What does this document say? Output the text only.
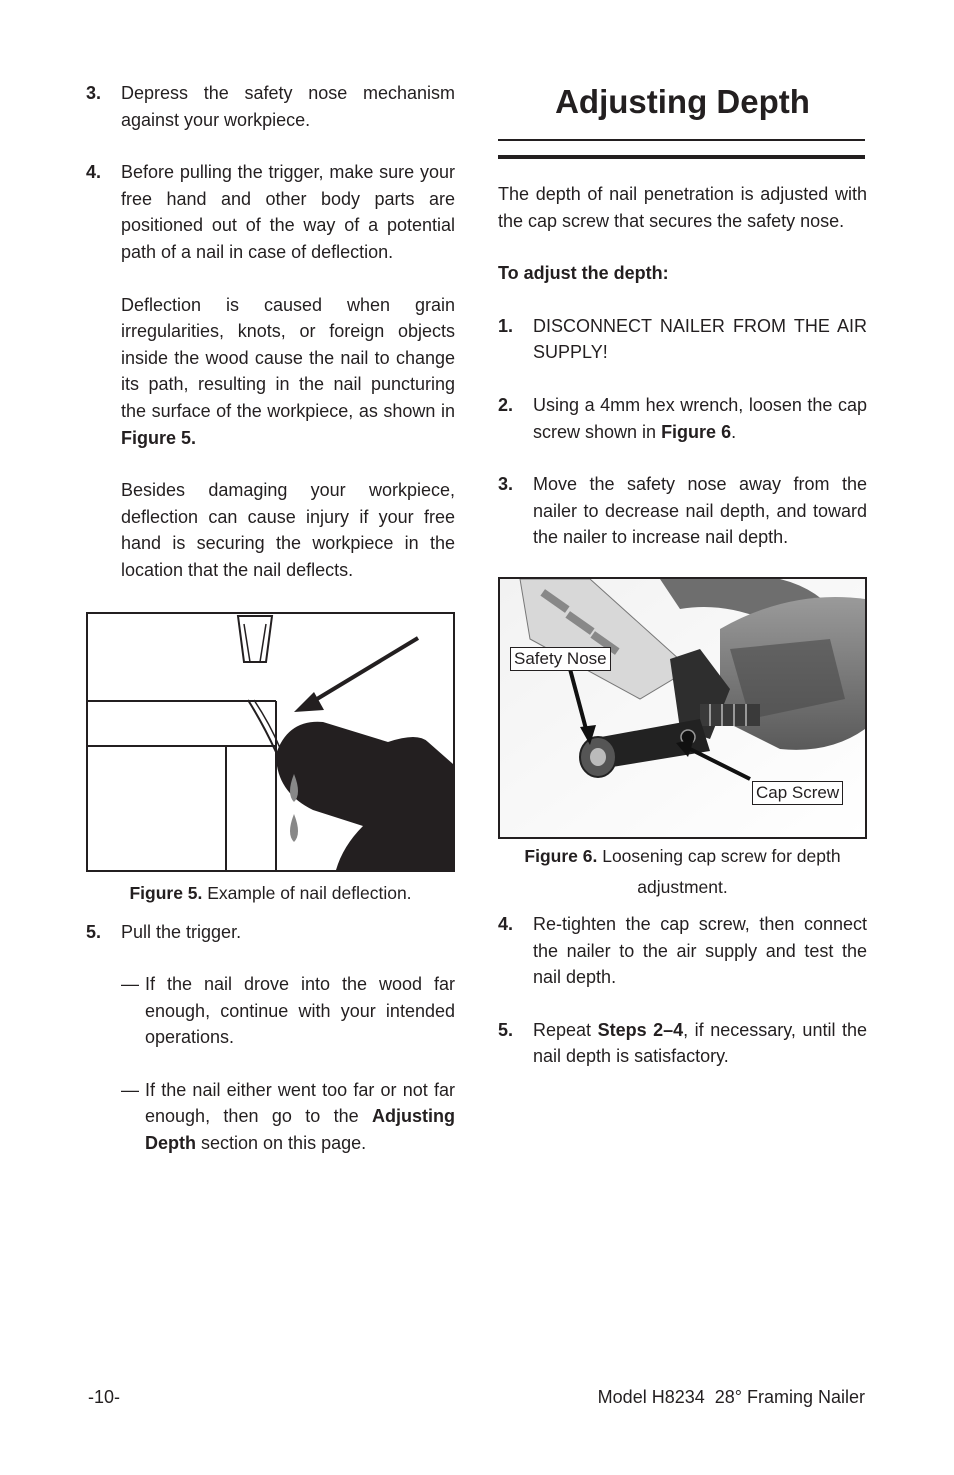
3.	Depress the safety nose mechanism against your workpiece.

4.	Before pulling the trigger, make sure your free hand and other body parts are positioned out of the way of a potential path of a nail in case of deflection.

Deflection is caused when grain irregularities, knots, or foreign objects inside the wood cause the nail to change its path, resulting in the nail puncturing the surface of the workpiece, as shown in Figure 5.

Besides damaging your workpiece, deflection can cause injury if your free hand is securing the workpiece in the location that the nail deflects.

Figure 5. Example of nail deflection.
5.	Pull the trigger.

— If the nail drove into the wood far enough, continue with your intended operations.

— If the nail either went too far or not far enough, then go to the Adjusting Depth section on this page.

Adjusting Depth

The depth of nail penetration is adjusted with the cap screw that secures the safety nose.

To adjust the depth:

1.	DISCONNECT NAILER FROM THE AIR SUPPLY!

2.	Using a 4mm hex wrench, loosen the cap screw shown in Figure 6.

3.	Move the safety nose away from the nailer to decrease nail depth, and toward the nailer to increase nail depth.

Safety Nose
Cap Screw
Figure 6. Loosening cap screw for depth
adjustment.
4.	Re-tighten the cap screw, then connect the nailer to the air supply and test the nail depth.

5.	Repeat Steps 2–4, if necessary, until the nail depth is satisfactory.

-10-	Model H8234  28° Framing Nailer
